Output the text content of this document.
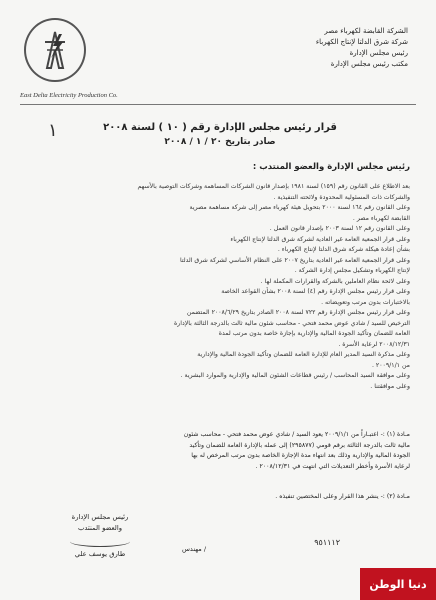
East Delta Electricity Production Co.
الشركة القابضة لكهرباء مصر
شركة شرق الدلتا لإنتاج الكهرباء
رئيس مجلس الإدارة
مكتب رئيس مجلس الإدارة
١	قرار رئيس مجلس الإدارة رقم ( ١٠ ) لسنة ٢٠٠٨
صادر بتاريخ ٢٠ / ١ / ٢٠٠٨
رئيس مجلس الإدارة والعضو المنتدب :
بعد الاطلاع على القانون رقم (١٥٩) لسنة ١٩٨١ بإصدار قانون الشركات المساهمة وشركات التوصية بالأسهم
والشركات ذات المسئولية المحدودة ولائحته التنفيذية .
وعلى القانون رقم ١٦٤ لسنة ٢٠٠٠ بتحويل هيئة كهرباء مصر إلى شركة مساهمة مصرية
القابضة لكهرباء مصر .
وعلى القانون رقم ١٢ لسنة ٢٠٠٣ بإصدار قانون العمل .
وعلى قرار الجمعية العامة غير العادية لشركة شرق الدلتا لإنتاج الكهرباء
بشأن إعادة هيكلة شركة شرق الدلتا لإنتاج الكهرباء .
وعلى قرار الجمعية العامة غير العادية بتاريخ ٢٠٠٧ على النظام الأساسي لشركة شرق الدلتا
لإنتاج الكهرباء وتشكيل مجلس إدارة الشركة .
وعلى لائحة نظام العاملين بالشركة والقرارات المكملة لها .
وعلى قرار رئيس مجلس الإدارة رقم (٤) لسنة ٢٠٠٨ بشأن القواعد الخاصة
بالاختبارات بدون مرتب وتعويضاته .
وعلى قرار رئيس مجلس الإدارة رقم ٧٢٢ لسنة ٢٠٠٨ الصادر بتاريخ ٢٠٠٨/٦/٢٩ المتضمن
الترخيص للسيد / شادي عوض محمد فتحي - محاسب شئون مالية ثالث بالدرجة الثالثة بالإدارة
العامة للضمان وتأكيد الجودة المالية والإدارية بإجازة خاصة بدون مرتب لمدة
٢٠٠٨/١٢/٣١ لرعاية الأسرة .
وعلى مذكرة السيد المدير العام للإدارة العامة للضمان وتأكيد الجودة المالية والإدارية
من ٢٠٠٩/١/١ .
وعلى موافقة السيد المحاسب / رئيس قطاعات الشئون المالية والإدارية والموارد البشرية .
وعلى موافقتنا .
مـادة (١) :- اعتبـاراً من ٢٠٠٩/١/١ يعود السيد / شادي عوض محمد فتحي - محاسب شئون
مالية ثالث بالدرجة الثالثة برقم قومي (٢٩٥٨٧٧) إلى عمله بالإدارة العامة للضمان وتأكيد
الجودة المالية والإدارية وذلك بعد انتهاء مدة الإجازة الخاصة بدون مرتب المرخص له بها
لرعاية الأسرة وأخطر التعديلات التي انتهت في ٢٠٠٨/١٢/٣١ .
مـادة (٢) :- ينشر هذا القرار وعلى المختصين تنفيذه .
رئيس مجلس الإدارة
والعضو المنتدب
طارق يوسف علي
مهندس /
٩٥١١١٢
دنيا الوطن
